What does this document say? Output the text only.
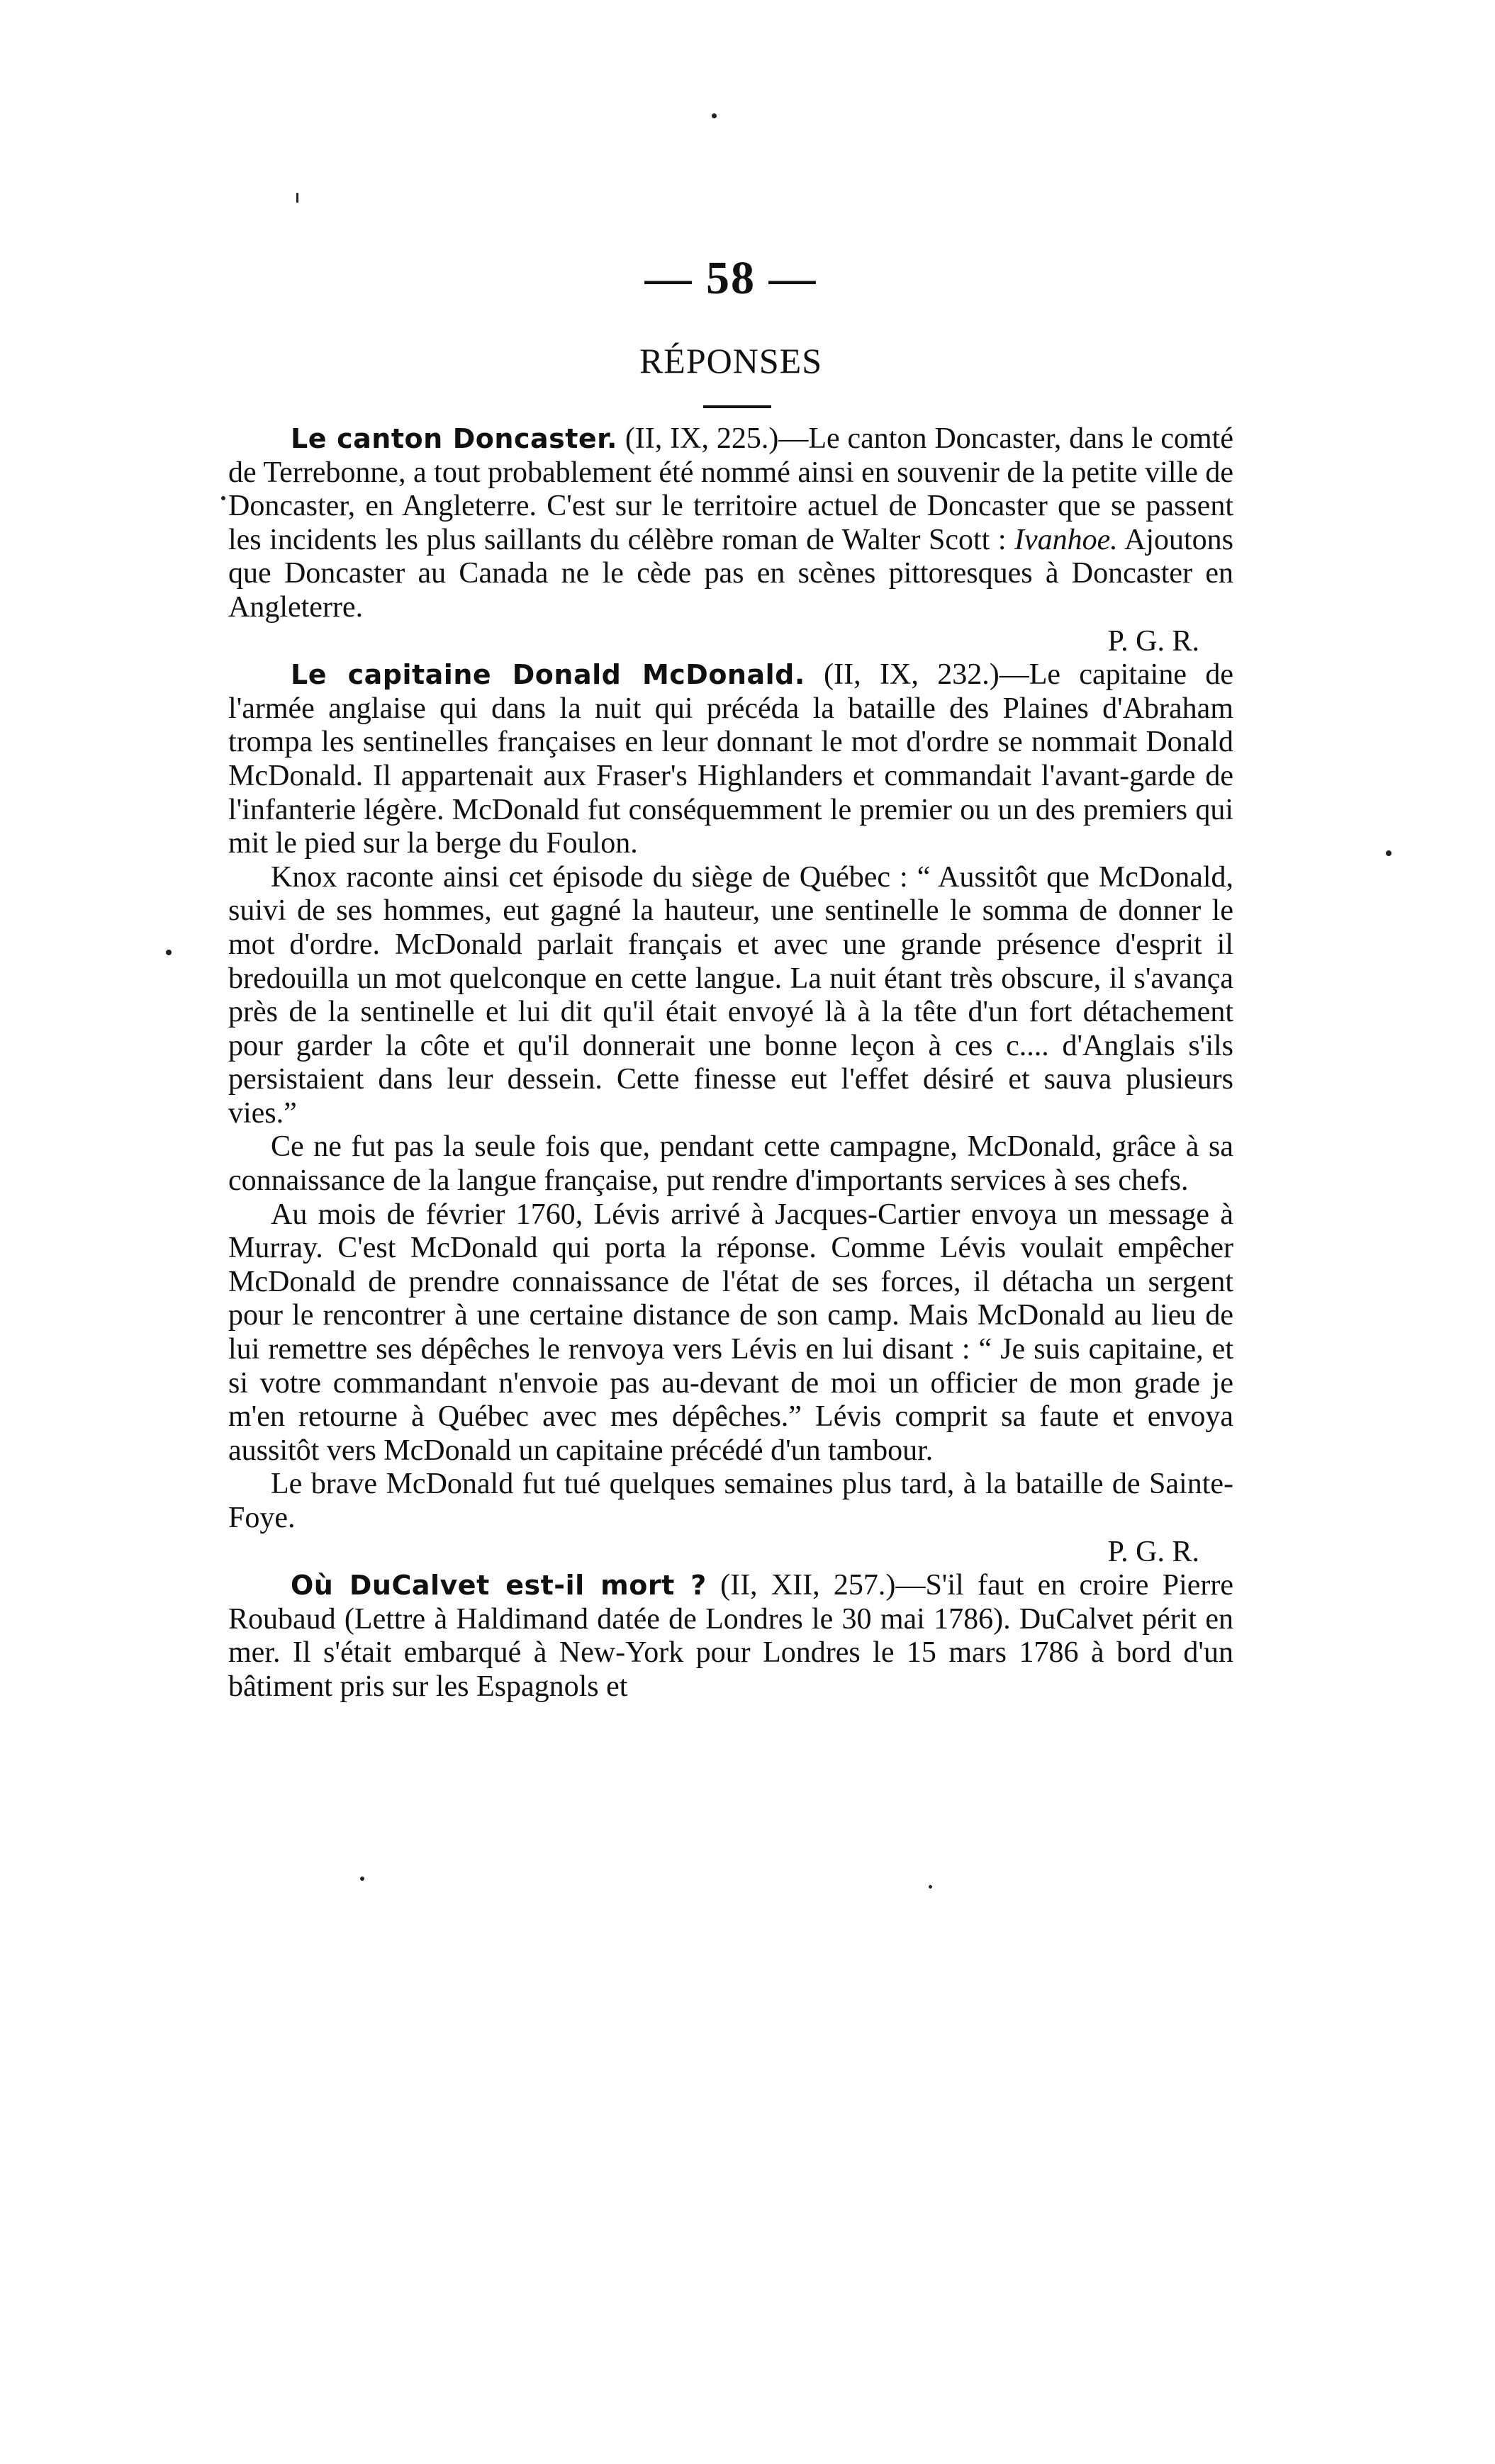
— 58 —
RÉPONSES

Le canton Doncaster. (II, IX, 225.)—Le canton Doncaster, dans le comté de Terrebonne, a tout probablement été nommé ainsi en souvenir de la petite ville de Doncaster, en Angleterre. C'est sur le territoire actuel de Doncaster que se passent les incidents les plus saillants du célèbre roman de Walter Scott : Ivanhoe. Ajoutons que Doncaster au Canada ne le cède pas en scènes pittoresques à Doncaster en Angleterre.

P. G. R.

Le capitaine Donald McDonald. (II, IX, 232.)—Le capitaine de l'armée anglaise qui dans la nuit qui précéda la bataille des Plaines d'Abraham trompa les sentinelles françaises en leur donnant le mot d'ordre se nommait Donald McDonald. Il appartenait aux Fraser's Highlanders et commandait l'avant-garde de l'infanterie légère. McDonald fut conséquemment le premier ou un des premiers qui mit le pied sur la berge du Foulon.

Knox raconte ainsi cet épisode du siège de Québec : “ Aussitôt que McDonald, suivi de ses hommes, eut gagné la hauteur, une sentinelle le somma de donner le mot d'ordre. McDonald parlait français et avec une grande présence d'esprit il bredouilla un mot quelconque en cette langue. La nuit étant très obscure, il s'avança près de la sentinelle et lui dit qu'il était envoyé là à la tête d'un fort détachement pour garder la côte et qu'il donnerait une bonne leçon à ces c.... d'Anglais s'ils persistaient dans leur dessein. Cette finesse eut l'effet désiré et sauva plusieurs vies.”

Ce ne fut pas la seule fois que, pendant cette campagne, McDonald, grâce à sa connaissance de la langue française, put rendre d'importants services à ses chefs.

Au mois de février 1760, Lévis arrivé à Jacques-Cartier envoya un message à Murray. C'est McDonald qui porta la réponse. Comme Lévis voulait empêcher McDonald de prendre connaissance de l'état de ses forces, il détacha un sergent pour le rencontrer à une certaine distance de son camp. Mais McDonald au lieu de lui remettre ses dépêches le renvoya vers Lévis en lui disant : “ Je suis capitaine, et si votre commandant n'envoie pas au-devant de moi un officier de mon grade je m'en retourne à Québec avec mes dépêches.” Lévis comprit sa faute et envoya aussitôt vers McDonald un capitaine précédé d'un tambour.

Le brave McDonald fut tué quelques semaines plus tard, à la bataille de Sainte-Foye.

P. G. R.

Où DuCalvet est-il mort ? (II, XII, 257.)—S'il faut en croire Pierre Roubaud (Lettre à Haldimand datée de Londres le 30 mai 1786). DuCalvet périt en mer. Il s'était embarqué à New-York pour Londres le 15 mars 1786 à bord d'un bâtiment pris sur les Espagnols et
